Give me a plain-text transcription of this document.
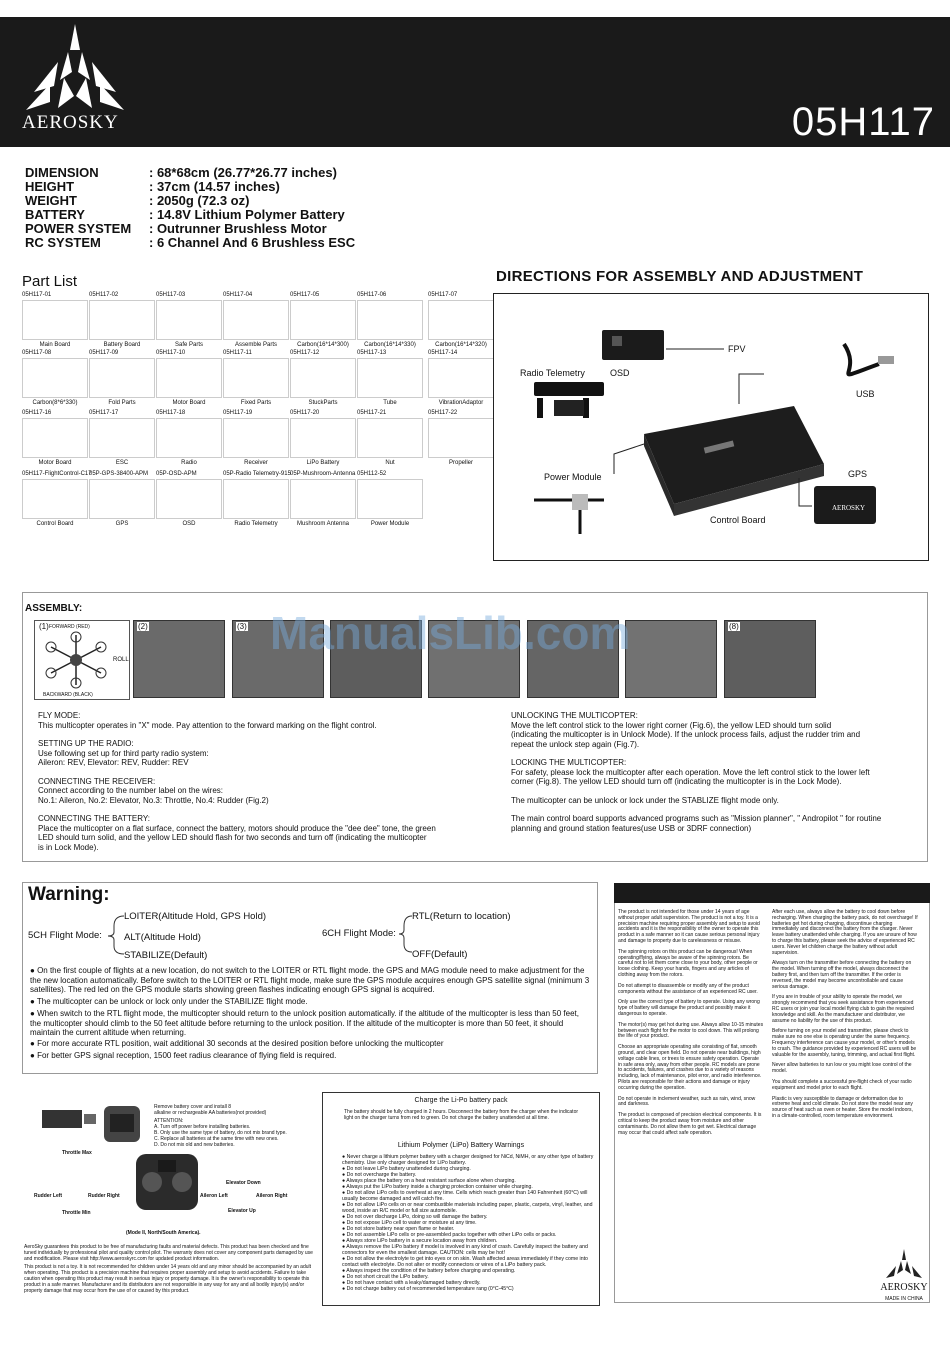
AEROSKY	05H117
DIMENSION	: 68*68cm (26.77*26.77 inches)
HEIGHT	: 37cm (14.57 inches)
WEIGHT	: 2050g (72.3 oz)
BATTERY	: 14.8V Lithium Polymer Battery
POWER SYSTEM	: Outrunner Brushless Motor
RC SYSTEM	: 6 Channel And 6 Brushless ESC
Part List
05H117-01
Main Board
05H117-02
Battery Board
05H117-03
Safe Parts
05H117-04
Assemble Parts
05H117-05
Carbon(16*14*300)
05H117-06
Carbon(16*14*330)
05H117-07
Carbon(16*14*320)
05H117-08
Carbon(8*6*330)
05H117-09
Fold Parts
05H117-10
Motor Board
05H117-11
Fixed Parts
05H117-12
StuckParts
05H117-13
Tube
05H117-14
VibrationAdaptor
05H117-16
Motor Board
05H117-17
ESC
05H117-18
Radio
05H117-19
Receiver
05H117-20
LiPo Battery
05H117-21
Nut
05H117-22
Propeller
05H117-FlightControl-C17
Control Board
05P-GPS-38400-APM
GPS
05P-OSD-APM
OSD
05P-Radio Telemetry-915
Radio Telemetry
05P-Mushroom-Antenna
Mushroom Antenna
05H112-52
Power Module
DIRECTIONS FOR ASSEMBLY AND ADJUSTMENT
FPV
USB
Radio Telemetry	OSD
GPS
Power Module
Control Board
AEROSKY
ASSEMBLY:
(1) FORWARD (RED)
ROLL
BACKWARD (BLACK)
(2)	(3)	(8)
ManualsLib.com
FLY MODE:
This multicopter operates in "X" mode. Pay attention to the forward marking on the flight control.
SETTING UP THE RADIO:
Use following set up for third party radio system:
Aileron: REV, Elevator: REV, Rudder: REV
CONNECTING THE RECEIVER:
Connect according to the number label on the wires:
No.1: Aileron, No.2: Elevator, No.3: Throttle, No.4: Rudder (Fig.2)
CONNECTING THE BATTERY:
Place the multicopter on a flat surface, connect the battery, motors should produce the "dee dee" tone, the green
LED should turn solid, and the yellow LED should flash for two seconds and turn off (indicating the multicopter
is in Lock Mode).
UNLOCKING THE MULTICOPTER:
Move the left control stick to the lower right corner (Fig.6), the yellow LED should turn solid
(indicating the multicopter is in Unlock Mode). If the unlock process fails, adjust the rudder trim and
repeat the unlock step again (Fig.7).
LOCKING THE MULTICOPTER:
For safety, please lock the multicopter after each operation. Move the left control stick to the lower left
corner (Fig.8). The yellow LED should turn off (indicating the multicopter is in the Lock Mode).
The multicopter can be unlock or lock under the STABLIZE flight mode only.
The main control board supports advanced programs such as "Mission planner", " Andropilot " for routine
planning and ground station features(use USB or 3DRF connection)
Warning:
5CH Flight Mode:
LOITER(Altitude Hold, GPS Hold)
ALT(Altitude Hold)
STABILIZE(Default)
6CH Flight Mode:
RTL(Return to location)
OFF(Default)
● On the first couple of flights at a new location, do not switch to the LOITER or RTL flight mode. the GPS and MAG module need to make adjustment for the the new location automatically. Before switch to the LOITER or RTL flight mode, make sure the GPS module acquires enough GPS satellite signal (minimum 3 satellites). The red led on the GPS module starts showing green flashes indicating enough GPS signal is acquired.
● The multicopter can be unlock or lock only under the STABILIZE flight mode.
● When switch to the RTL flight mode, the multicopter should return to the unlock position automatically. if the altitude of the multicopter is less than 50 feet, the multicopter should climb to the 50 feet altitude before returning to the unlock position. If the altitude of the multicopter is more than 50 feet, it should maintain the current altitude when returning.
● For more accurate RTL position, wait additional 30 seconds at the desired position before unlocking the multicopter
● For better GPS signal reception, 1500 feet radius clearance of flying field is required.
The product is not intended for those under 14 years of age without proper adult supervision. The product is not a toy. It is a precision machine requiring proper assembly and setup to avoid accidents and it is the responsibility of the owner to operate this product in a safe manner so it can cause serious personal injury and damage to property due to carelessness or misuse.
The spinning rotors on this product can be dangerous! When operating/flying, always be aware of the spinning rotors. Be careful not to let them come close to your body, other people or loose clothing. Keep your hands, fingers and any articles of clothing away from the rotors.
Do not attempt to disassemble or modify any of the product components without the assistance of an experienced RC user.
Only use the correct type of battery to operate. Using any wrong type of battery will damage the product and possibly make it dangerous to operate.
The motor(s) may get hot during use. Always allow 10-15 minutes between each flight for the motor to cool down. This will prolong the life of your product.
Choose an appropriate operating site consisting of flat, smooth ground, and clear open field. Do not operate near buildings, high voltage cable lines, or trees to ensure safety operation. Operate in safe area only, away from other people. RC models are prone to accidents, failures, and crashes due to a variety of reasons including, lack of maintenance, pilot error, and radio interference. Pilots are responsible for their actions and damage or injury occurring during the operation.
Do not operate in inclement weather, such as rain, wind, snow and darkness.
The product is composed of precision electrical components. It is critical to keep the product away from moisture and other contaminants. Do not allow them to get wet. Electrical damage may occur that could affect safe operation.
After each use, always allow the battery to cool down before recharging. When charging the battery pack, do not overcharge! If batteries get hot during charging, discontinue charging immediately and disconnect the battery from the charger. Never leave battery unattended while charging. If you are unsure of how to charge this battery, please seek the advice of experienced RC users. Never let children charge the battery without adult supervision.
Always turn on the transmitter before connecting the battery on the model. When turning off the model, always disconnect the battery first, and then turn off the transmitter. If the order is reversed, the model may become uncontrollable and cause serious damage.
If you are in trouble of your ability to operate the model, we strongly recommend that you seek assistance from experienced RC users or join your local model flying club to gain the required knowledge and skill. As the manufacturer and distributor, we assume no liability for the use of this product.
Before turning on your model and transmitter, please check to make sure no one else is operating under the same frequency. Frequency interference can cause your model, or other's models to crash. The guidance provided by experienced RC users will be valuable for the assembly, tuning, trimming, and actual first flight.
Never allow batteries to run low or you might lose control of the model.
You should complete a successful pre-flight check of your radio equipment and model prior to each flight.
Plastic is very susceptible to damage or deformation due to extreme heat and cold climate. Do not store the model near any source of heat such as oven or heater. Store the model indoors, in a climate-controlled, room temperature environment.
Remove battery cover and install 8
alkaline or rechargeable AA batteries(not provided)
ATTENTION:
A. Turn off power before installing batteries.
B. Only use the same type of battery, do not mix brand type.
C. Replace all batteries at the same time with new ones.
D. Do not mix old and new batteries.
Throttle Max
Rudder Left	Rudder Right
Throttle Min
Elevator Down
Aileron Left	Aileron Right
Elevator Up
(Mode II, North/South America).
AeroSky guarantees this product to be free of manufacturing faults and material defects. This product has been checked and fine tuned individually by professional pilot and quality control pilot. The warranty does not cover any component parts damaged by use and modification. Please visit http://www.aeroskyrc.com for updated product information.
This product is not a toy. It is not recommended for children under 14 years old and any minor should be accompanied by an adult when operating. This product is a precision machine that requires proper assembly and setup to avoid accidents. Failure to take caution when operating this product may result in serious injury or property damage. It is the owner's responsibility to operate this product in a safe manner. Manufacturer and its distributors are not responsible in any way for any and all bodily injury(s) and/or property damage that may occur from the use of or caused by this product.
Charge the Li-Po battery pack
The battery should be fully charged in 2 hours. Disconnect the battery from the charger when the indicator light on the charger turns from red to green. Do not charge the battery unattended at all time.
Lithium Polymer (LiPo) Battery Warnings
● Never charge a lithium polymer battery with a charger designed for NiCd, NiMH, or any other type of battery chemistry. Use only charger designed for LiPo battery.
● Do not leave LiPo battery unattended during charging.
● Do not overcharge the battery.
● Always place the battery on a heat resistant surface alone when charging.
● Always put the LiPo battery inside a charging protection container while charging.
● Do not allow LiPo cells to overheat at any time. Cells which reach greater than 140 Fahrenheit (60°C) will usually become damaged and will catch fire.
● Do not allow LiPo cells on or near combustible materials including paper, plastic, carpets, vinyl, leather, and wood, inside an R/C model or full size automobile.
● Do not over discharge LiPo, doing so will damage the battery.
● Do not expose LiPo cell to water or moisture at any time.
● Do not store battery near open flame or heater.
● Do not assemble LiPo cells or pre-assembled packs together with other LiPo cells or packs.
● Always store LiPo battery in a secure location away from children.
● Always remove the LiPo battery if model is involved in any kind of crash. Carefully inspect the battery and connectors for even the smallest damage. CAUTION: cells may be hot!
● Do not allow the electrolyte to get into eyes or on skin. Wash affected areas immediately if they come into contact with electrolyte. Do not alter or modify connectors or wires of a LiPo battery pack.
● Always inspect the condition of the battery before charging and operating.
● Do not short circuit the LiPo battery.
● Do not have contact with a leaky/damaged battery directly.
● Do not charge battery out of recommended temperature rang (0°C-45°C)	AEROSKY
MADE IN CHINA
